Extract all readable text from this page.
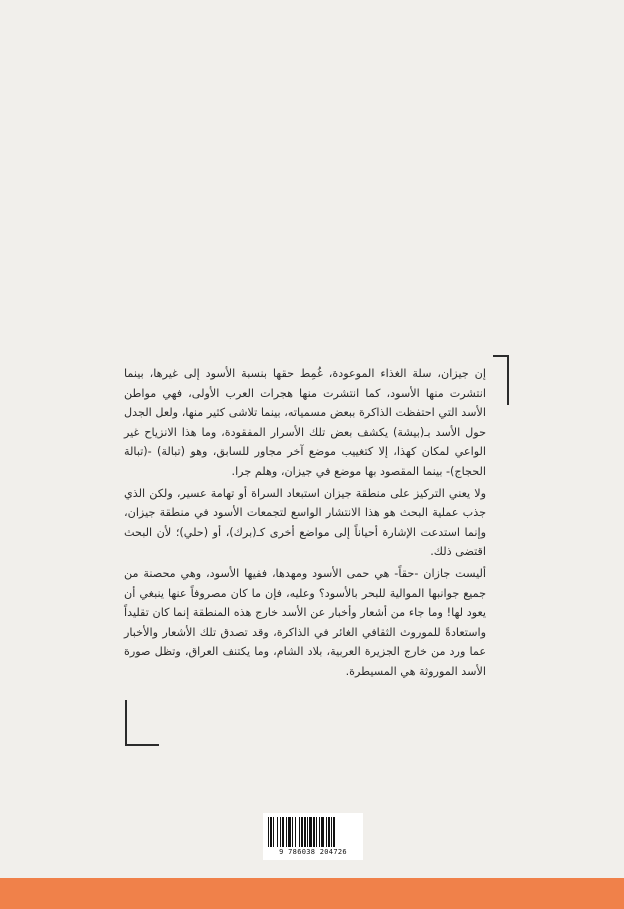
إن جيزان، سلة الغذاء الموعودة، غُمِط حقها بنسبة الأسود إلى غيرها، بينما انتشرت منها الأسود، كما انتشرت منها هجرات العرب الأولى، فهي مواطن الأسد التي احتفظت الذاكرة ببعض مسمياته، بينما تلاشى كثير منها، ولعل الجدل حول الأسد بـ(بيشة) يكشف بعض تلك الأسرار المفقودة، وما هذا الانزياح غير الواعي لمكان كهذا، إلا كتغييب موضع آخر مجاور للسابق، وهو (تبالة) -(تبالة الحجاج)- بينما المقصود بها موضع في جيزان، وهلم جرا.

ولا يعني التركيز على منطقة جيزان استبعاد السراة أو تهامة عسير، ولكن الذي جذب عملية البحث هو هذا الانتشار الواسع لتجمعات الأسود في منطقة جيزان، وإنما استدعت الإشارة أحياناً إلى مواضع أخرى كـ(برك)، أو (حلي)؛ لأن البحث اقتضى ذلك.

أليست جازان -حقاً- هي حمى الأسود ومهدها، ففيها الأسود، وهي محصنة من جميع جوانبها الموالية للبحر بالأسود؟ وعليه، فإن ما كان مصروفاً عنها ينبغي أن يعود لها! وما جاء من أشعار وأخبار عن الأسد خارج هذه المنطقة إنما كان تقليداً واستعادةً للموروث الثقافي الغائر في الذاكرة، وقد تصدق تلك الأشعار والأخبار عما ورد من خارج الجزيرة العربية، بلاد الشام، وما يكتنف العراق، وتظل صورة الأسد الموروثة هي المسيطرة.

9 786038 204726
